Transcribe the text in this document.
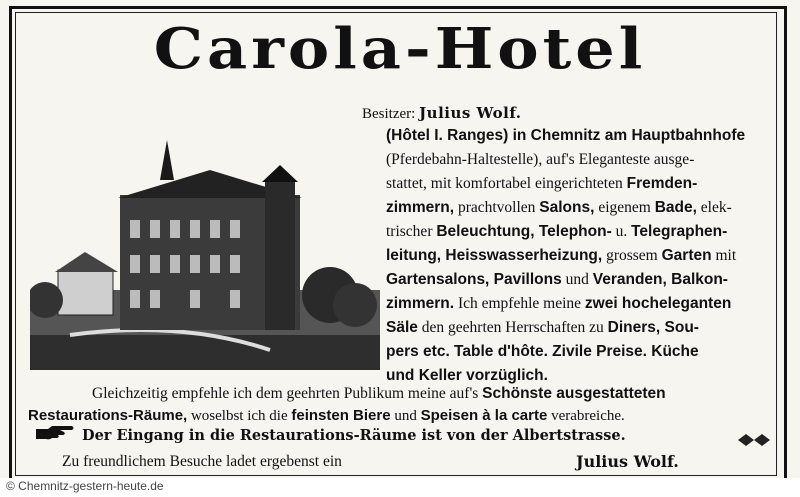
Carola-Hotel
Besitzer: Julius Wolf.
(Hôtel I. Ranges) in Chemnitz am Hauptbahnhofe
(Pferdebahn-Haltestelle), auf's Eleganteste ausge-
stattet, mit komfortabel eingerichteten Fremden-
zimmern, prachtvollen Salons, eigenem Bade, elek-
trischer Beleuchtung, Telephon- u. Telegraphen-
leitung, Heisswasserheizung, grossem Garten mit
Gartensalons, Pavillons und Veranden, Balkon-
zimmern. Ich empfehle meine zwei hocheleganten
Säle den geehrten Herrschaften zu Diners, Sou-
pers etc. Table d'hôte. Zivile Preise. Küche
und Keller vorzüglich.
Gleichzeitig empfehle ich dem geehrten Publikum meine auf's Schönste ausgestatteten
Restaurations-Räume, woselbst ich die feinsten Biere und Speisen à la carte verabreiche.
Der Eingang in die Restaurations-Räume ist von der Albertstrasse.
Zu freundlichem Besuche ladet ergebenst ein	Julius Wolf.
© Chemnitz-gestern-heute.de
